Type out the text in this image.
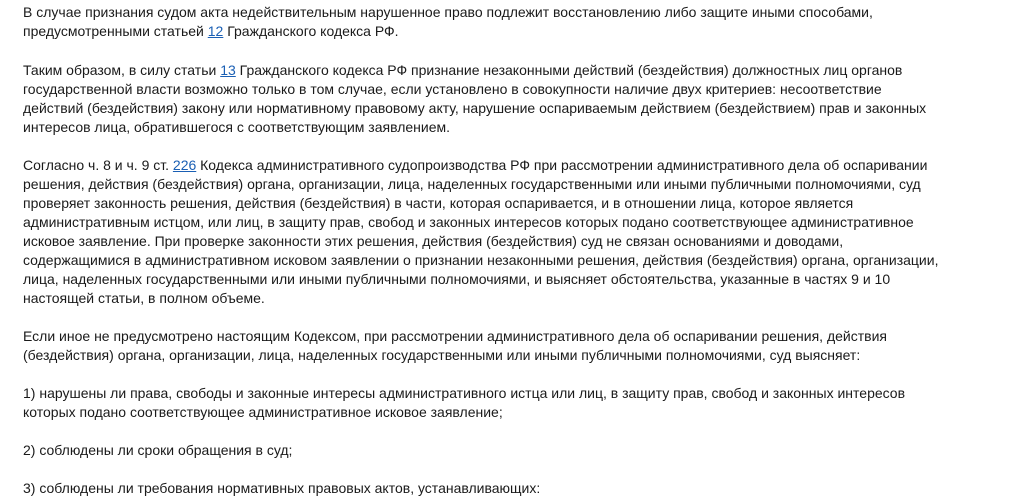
В случае признания судом акта недействительным нарушенное право подлежит восстановлению либо защите иными способами,
предусмотренными статьей 12 Гражданского кодекса РФ.

Таким образом, в силу статьи 13 Гражданского кодекса РФ признание незаконными действий (бездействия) должностных лиц органов
государственной власти возможно только в том случае, если установлено в совокупности наличие двух критериев: несоответствие
действий (бездействия) закону или нормативному правовому акту, нарушение оспариваемым действием (бездействием) прав и законных
интересов лица, обратившегося с соответствующим заявлением.

Согласно ч. 8 и ч. 9 ст. 226 Кодекса административного судопроизводства РФ при рассмотрении административного дела об оспаривании
решения, действия (бездействия) органа, организации, лица, наделенных государственными или иными публичными полномочиями, суд
проверяет законность решения, действия (бездействия) в части, которая оспаривается, и в отношении лица, которое является
административным истцом, или лиц, в защиту прав, свобод и законных интересов которых подано соответствующее административное
исковое заявление. При проверке законности этих решения, действия (бездействия) суд не связан основаниями и доводами,
содержащимися в административном исковом заявлении о признании незаконными решения, действия (бездействия) органа, организации,
лица, наделенных государственными или иными публичными полномочиями, и выясняет обстоятельства, указанные в частях 9 и 10
настоящей статьи, в полном объеме.

Если иное не предусмотрено настоящим Кодексом, при рассмотрении административного дела об оспаривании решения, действия
(бездействия) органа, организации, лица, наделенных государственными или иными публичными полномочиями, суд выясняет:

1) нарушены ли права, свободы и законные интересы административного истца или лиц, в защиту прав, свобод и законных интересов
которых подано соответствующее административное исковое заявление;

2) соблюдены ли сроки обращения в суд;

3) соблюдены ли требования нормативных правовых актов, устанавливающих:
